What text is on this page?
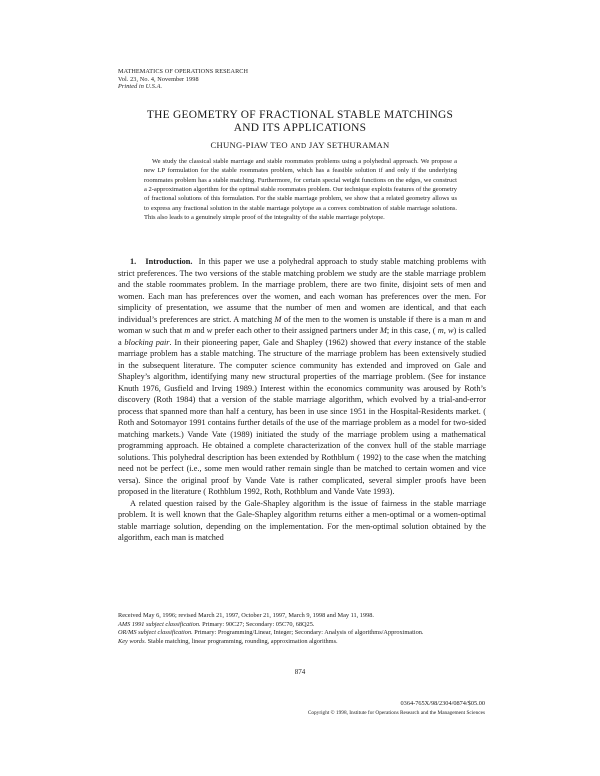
MATHEMATICS OF OPERATIONS RESEARCH
Vol. 23, No. 4, November 1998
Printed in U.S.A.
THE GEOMETRY OF FRACTIONAL STABLE MATCHINGS
AND ITS APPLICATIONS
CHUNG-PIAW TEO AND JAY SETHURAMAN

We study the classical stable marriage and stable roommates problems using a polyhedral approach. We propose a new LP formulation for the stable roommates problem, which has a feasible solution if and only if the underlying roommates problem has a stable matching. Furthermore, for certain special weight functions on the edges, we construct a 2-approximation algorithm for the optimal stable roommates problem. Our technique exploits features of the geometry of fractional solutions of this formulation. For the stable marriage problem, we show that a related geometry allows us to express any fractional solution in the stable marriage polytope as a convex combination of stable marriage solutions. This also leads to a genuinely simple proof of the integrality of the stable marriage polytope.

1. Introduction. In this paper we use a polyhedral approach to study stable matching problems with strict preferences. The two versions of the stable matching problem we study are the stable marriage problem and the stable roommates problem. In the marriage problem, there are two finite, disjoint sets of men and women. Each man has preferences over the women, and each woman has preferences over the men. For simplicity of presentation, we assume that the number of men and women are identical, and that each individual’s preferences are strict. A matching M of the men to the women is unstable if there is a man m and woman w such that m and w prefer each other to their assigned partners under M; in this case, ( m, w) is called a blocking pair. In their pioneering paper, Gale and Shapley (1962) showed that every instance of the stable marriage problem has a stable matching. The structure of the marriage problem has been extensively studied in the subsequent literature. The computer science community has extended and improved on Gale and Shapley’s algorithm, identifying many new structural properties of the marriage problem. (See for instance Knuth 1976, Gusfield and Irving 1989.) Interest within the economics community was aroused by Roth’s discovery (Roth 1984) that a version of the stable marriage algorithm, which evolved by a trial-and-error process that spanned more than half a century, has been in use since 1951 in the Hospital-Residents market. ( Roth and Sotomayor 1991 contains further details of the use of the marriage problem as a model for two-sided matching markets.) Vande Vate (1989) initiated the study of the marriage problem using a mathematical programming approach. He obtained a complete characterization of the convex hull of the stable marriage solutions. This polyhedral description has been extended by Rothblum ( 1992) to the case when the matching need not be perfect (i.e., some men would rather remain single than be matched to certain women and vice versa). Since the original proof by Vande Vate is rather complicated, several simpler proofs have been proposed in the literature ( Rothblum 1992, Roth, Rothblum and Vande Vate 1993).

A related question raised by the Gale-Shapley algorithm is the issue of fairness in the stable marriage problem. It is well known that the Gale-Shapley algorithm returns either a men-optimal or a women-optimal stable marriage solution, depending on the implementation. For the men-optimal solution obtained by the algorithm, each man is matched

Received May 6, 1996; revised March 21, 1997, October 21, 1997, March 9, 1998 and May 11, 1998.
AMS 1991 subject classification. Primary: 90C27; Secondary: 05C70, 68Q25.
OR/MS subject classification. Primary: Programming/Linear, Integer; Secondary: Analysis of algorithms/Approximation.
Key words. Stable matching, linear programming, rounding, approximation algorithms.
874
0364-765X/98/2304/0874/$05.00
Copyright © 1998, Institute for Operations Research and the Management Sciences
